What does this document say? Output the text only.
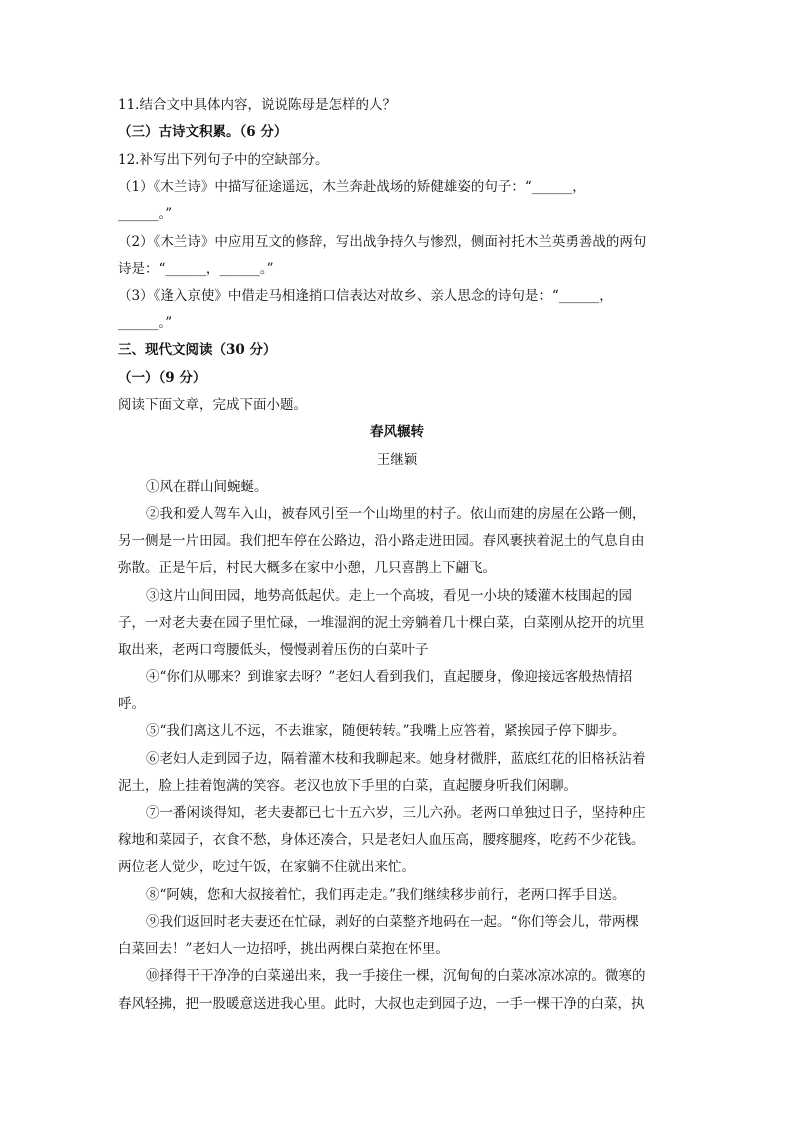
11.结合文中具体内容，说说陈母是怎样的人？
（三）古诗文积累。（6 分）
12.补写出下列句子中的空缺部分。
（1）《木兰诗》中描写征途遥远，木兰奔赴战场的矫健雄姿的句子：“______，
______。”
（2）《木兰诗》中应用互文的修辞，写出战争持久与惨烈，侧面衬托木兰英勇善战的两句
诗是：“______，______。”
（3）《逢入京使》中借走马相逢捎口信表达对故乡、亲人思念的诗句是：“______，
______。”
三、现代文阅读（30 分）
（一）（9 分）
阅读下面文章，完成下面小题。
春风辗转
王继颖
①风在群山间蜿蜒。
②我和爱人驾车入山，被春风引至一个山坳里的村子。依山而建的房屋在公路一侧，
另一侧是一片田园。我们把车停在公路边，沿小路走进田园。春风裹挟着泥土的气息自由
弥散。正是午后，村民大概多在家中小憩，几只喜鹊上下翩飞。
③这片山间田园，地势高低起伏。走上一个高坡，看见一小块的矮灌木枝围起的园
子，一对老夫妻在园子里忙碌，一堆湿润的泥土旁躺着几十棵白菜，白菜刚从挖开的坑里
取出来，老两口弯腰低头，慢慢剥着压伤的白菜叶子
④“你们从哪来？到谁家去呀？”老妇人看到我们，直起腰身，像迎接远客般热情招
呼。
⑤“我们离这儿不远，不去谁家，随便转转。”我嘴上应答着，紧挨园子停下脚步。
⑥老妇人走到园子边，隔着灌木枝和我聊起来。她身材微胖，蓝底红花的旧格袄沾着
泥土，脸上挂着饱满的笑容。老汉也放下手里的白菜，直起腰身听我们闲聊。
⑦一番闲谈得知，老夫妻都已七十五六岁，三儿六孙。老两口单独过日子，坚持种庄
稼地和菜园子，衣食不愁，身体还凑合，只是老妇人血压高，腰疼腿疼，吃药不少花钱。
两位老人觉少，吃过午饭，在家躺不住就出来忙。
⑧“阿姨，您和大叔接着忙，我们再走走。”我们继续移步前行，老两口挥手目送。
⑨我们返回时老夫妻还在忙碌，剥好的白菜整齐地码在一起。“你们等会儿，带两棵
白菜回去！”老妇人一边招呼，挑出两棵白菜抱在怀里。
⑩择得干干净净的白菜递出来，我一手接住一棵，沉甸甸的白菜冰凉冰凉的。微寒的
春风轻拂，把一股暖意送进我心里。此时，大叔也走到园子边，一手一棵干净的白菜，执
